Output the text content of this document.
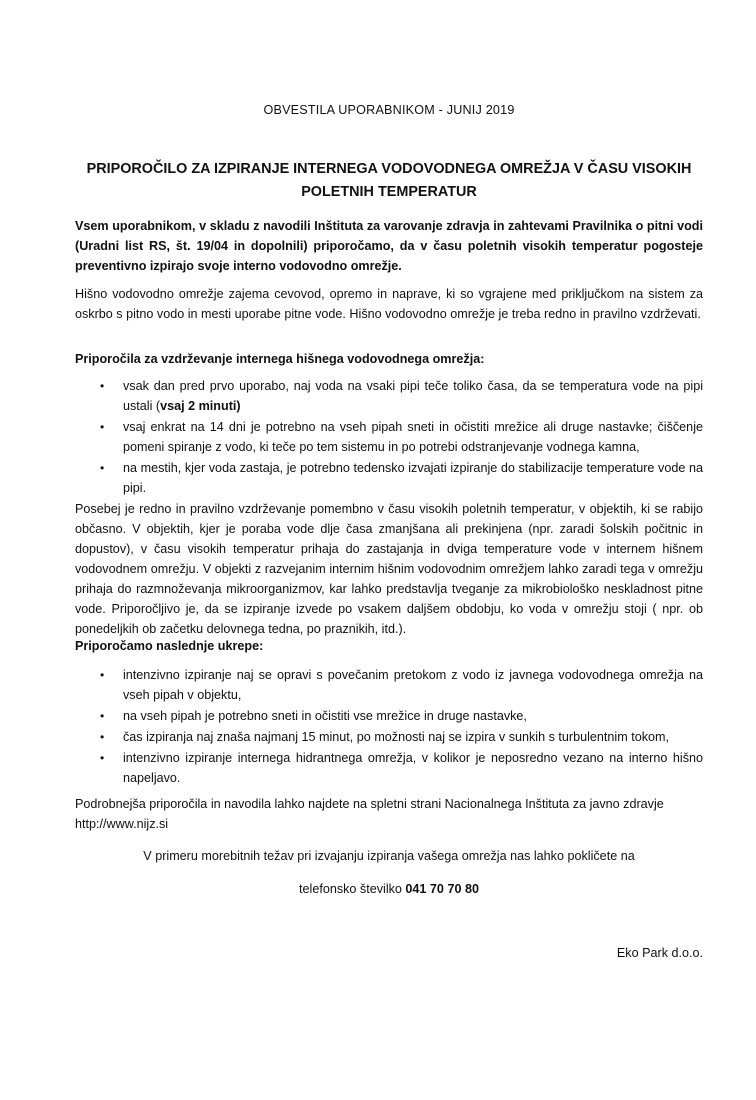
OBVESTILA UPORABNIKOM - JUNIJ 2019
PRIPOROČILO ZA IZPIRANJE INTERNEGA VODOVODNEGA OMREŽJA V ČASU VISOKIH
POLETNIH TEMPERATUR
Vsem uporabnikom, v skladu z navodili Inštituta za varovanje zdravja in zahtevami Pravilnika o pitni vodi (Uradni list RS, št. 19/04 in dopolnili) priporočamo, da v času poletnih visokih temperatur pogosteje preventivno izpirajo svoje interno vodovodno omrežje.
Hišno vodovodno omrežje zajema cevovod, opremo in naprave, ki so vgrajene med priključkom na sistem za oskrbo s pitno vodo in mesti uporabe pitne vode. Hišno vodovodno omrežje je treba redno in pravilno vzdrževati.
Priporočila za vzdrževanje internega hišnega vodovodnega omrežja:
• vsak dan pred prvo uporabo, naj voda na vsaki pipi teče toliko časa, da se temperatura vode na pipi ustali (vsaj 2 minuti)
• vsaj enkrat na 14 dni je potrebno na vseh pipah sneti in očistiti mrežice ali druge nastavke; čiščenje pomeni spiranje z vodo, ki teče po tem sistemu in po potrebi odstranjevanje vodnega kamna,
• na mestih, kjer voda zastaja, je potrebno tedensko izvajati izpiranje do stabilizacije temperature vode na pipi.
Posebej je redno in pravilno vzdrževanje pomembno v času visokih poletnih temperatur, v objektih, ki se rabijo občasno. V objektih, kjer je poraba vode dlje časa zmanjšana ali prekinjena (npr. zaradi šolskih počitnic in dopustov), v času visokih temperatur prihaja do zastajanja in dviga temperature vode v internem hišnem vodovodnem omrežju. V objekti z razvejanim internim hišnim vodovodnim omrežjem lahko zaradi tega v omrežju prihaja do razmnoževanja mikroorganizmov, kar lahko predstavlja tveganje za mikrobiološko neskladnost pitne vode. Priporočljivo je, da se izpiranje izvede po vsakem daljšem obdobju, ko voda v omrežju stoji ( npr. ob ponedeljkih ob začetku delovnega tedna, po praznikih, itd.).
Priporočamo naslednje ukrepe:
• intenzivno izpiranje naj se opravi s povečanim pretokom z vodo iz javnega vodovodnega omrežja na vseh pipah v objektu,
• na vseh pipah je potrebno sneti in očistiti vse mrežice in druge nastavke,
• čas izpiranja naj znaša najmanj 15 minut, po možnosti naj se izpira v sunkih s turbulentnim tokom,
• intenzivno izpiranje internega hidrantnega omrežja, v kolikor je neposredno vezano na interno hišno napeljavo.
Podrobnejša priporočila in navodila lahko najdete na spletni strani Nacionalnega Inštituta za javno zdravje
http://www.nijz.si
V primeru morebitnih težav pri izvajanju izpiranja vašega omrežja nas lahko pokličete na
telefonsko številko 041 70 70 80
Eko Park d.o.o.
